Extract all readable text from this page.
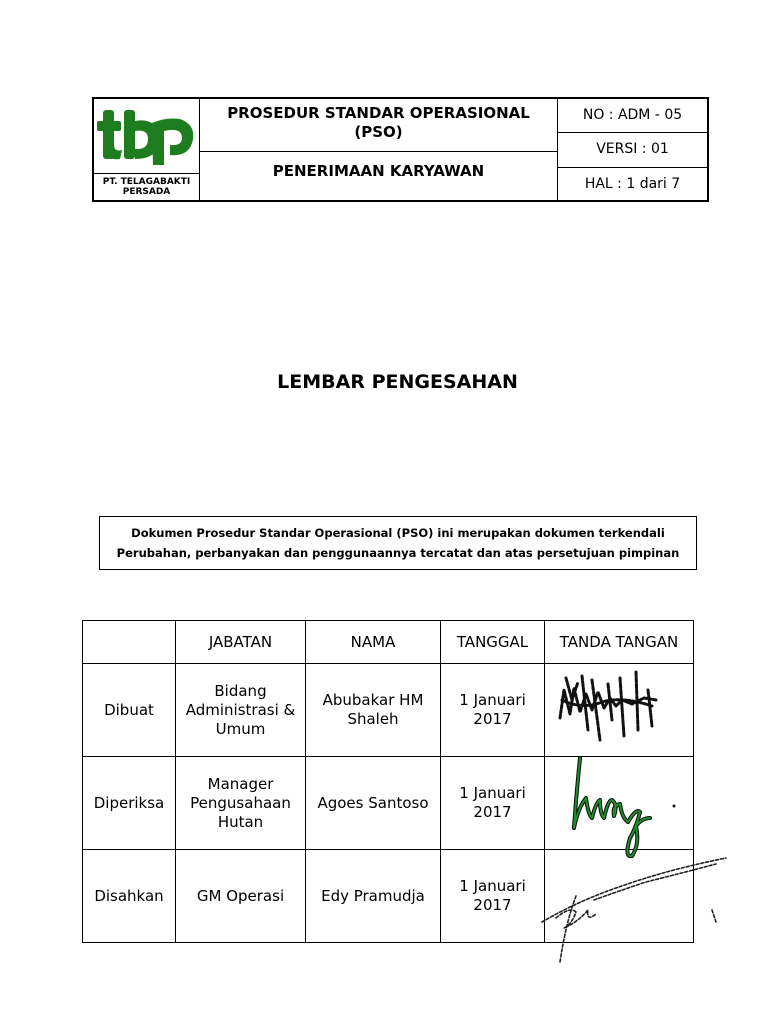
PT. TELAGABAKTI
PERSADA
PROSEDUR STANDAR OPERASIONAL
(PSO)
PENERIMAAN KARYAWAN
NO : ADM - 05
VERSI : 01
HAL : 1 dari 7
LEMBAR PENGESAHAN
Dokumen Prosedur Standar Operasional (PSO) ini merupakan dokumen terkendali
Perubahan, perbanyakan dan penggunaannya tercatat dan atas persetujuan pimpinan
	JABATAN	NAMA	TANGGAL	TANDA TANGAN
Dibuat	Bidang
Administrasi &
Umum	Abubakar HM
Shaleh	1 Januari
2017	

Diperiksa	Manager
Pengusahaan
Hutan	Agoes Santoso	1 Januari
2017	

Disahkan	GM Operasi	Edy Pramudja	1 Januari
2017	
